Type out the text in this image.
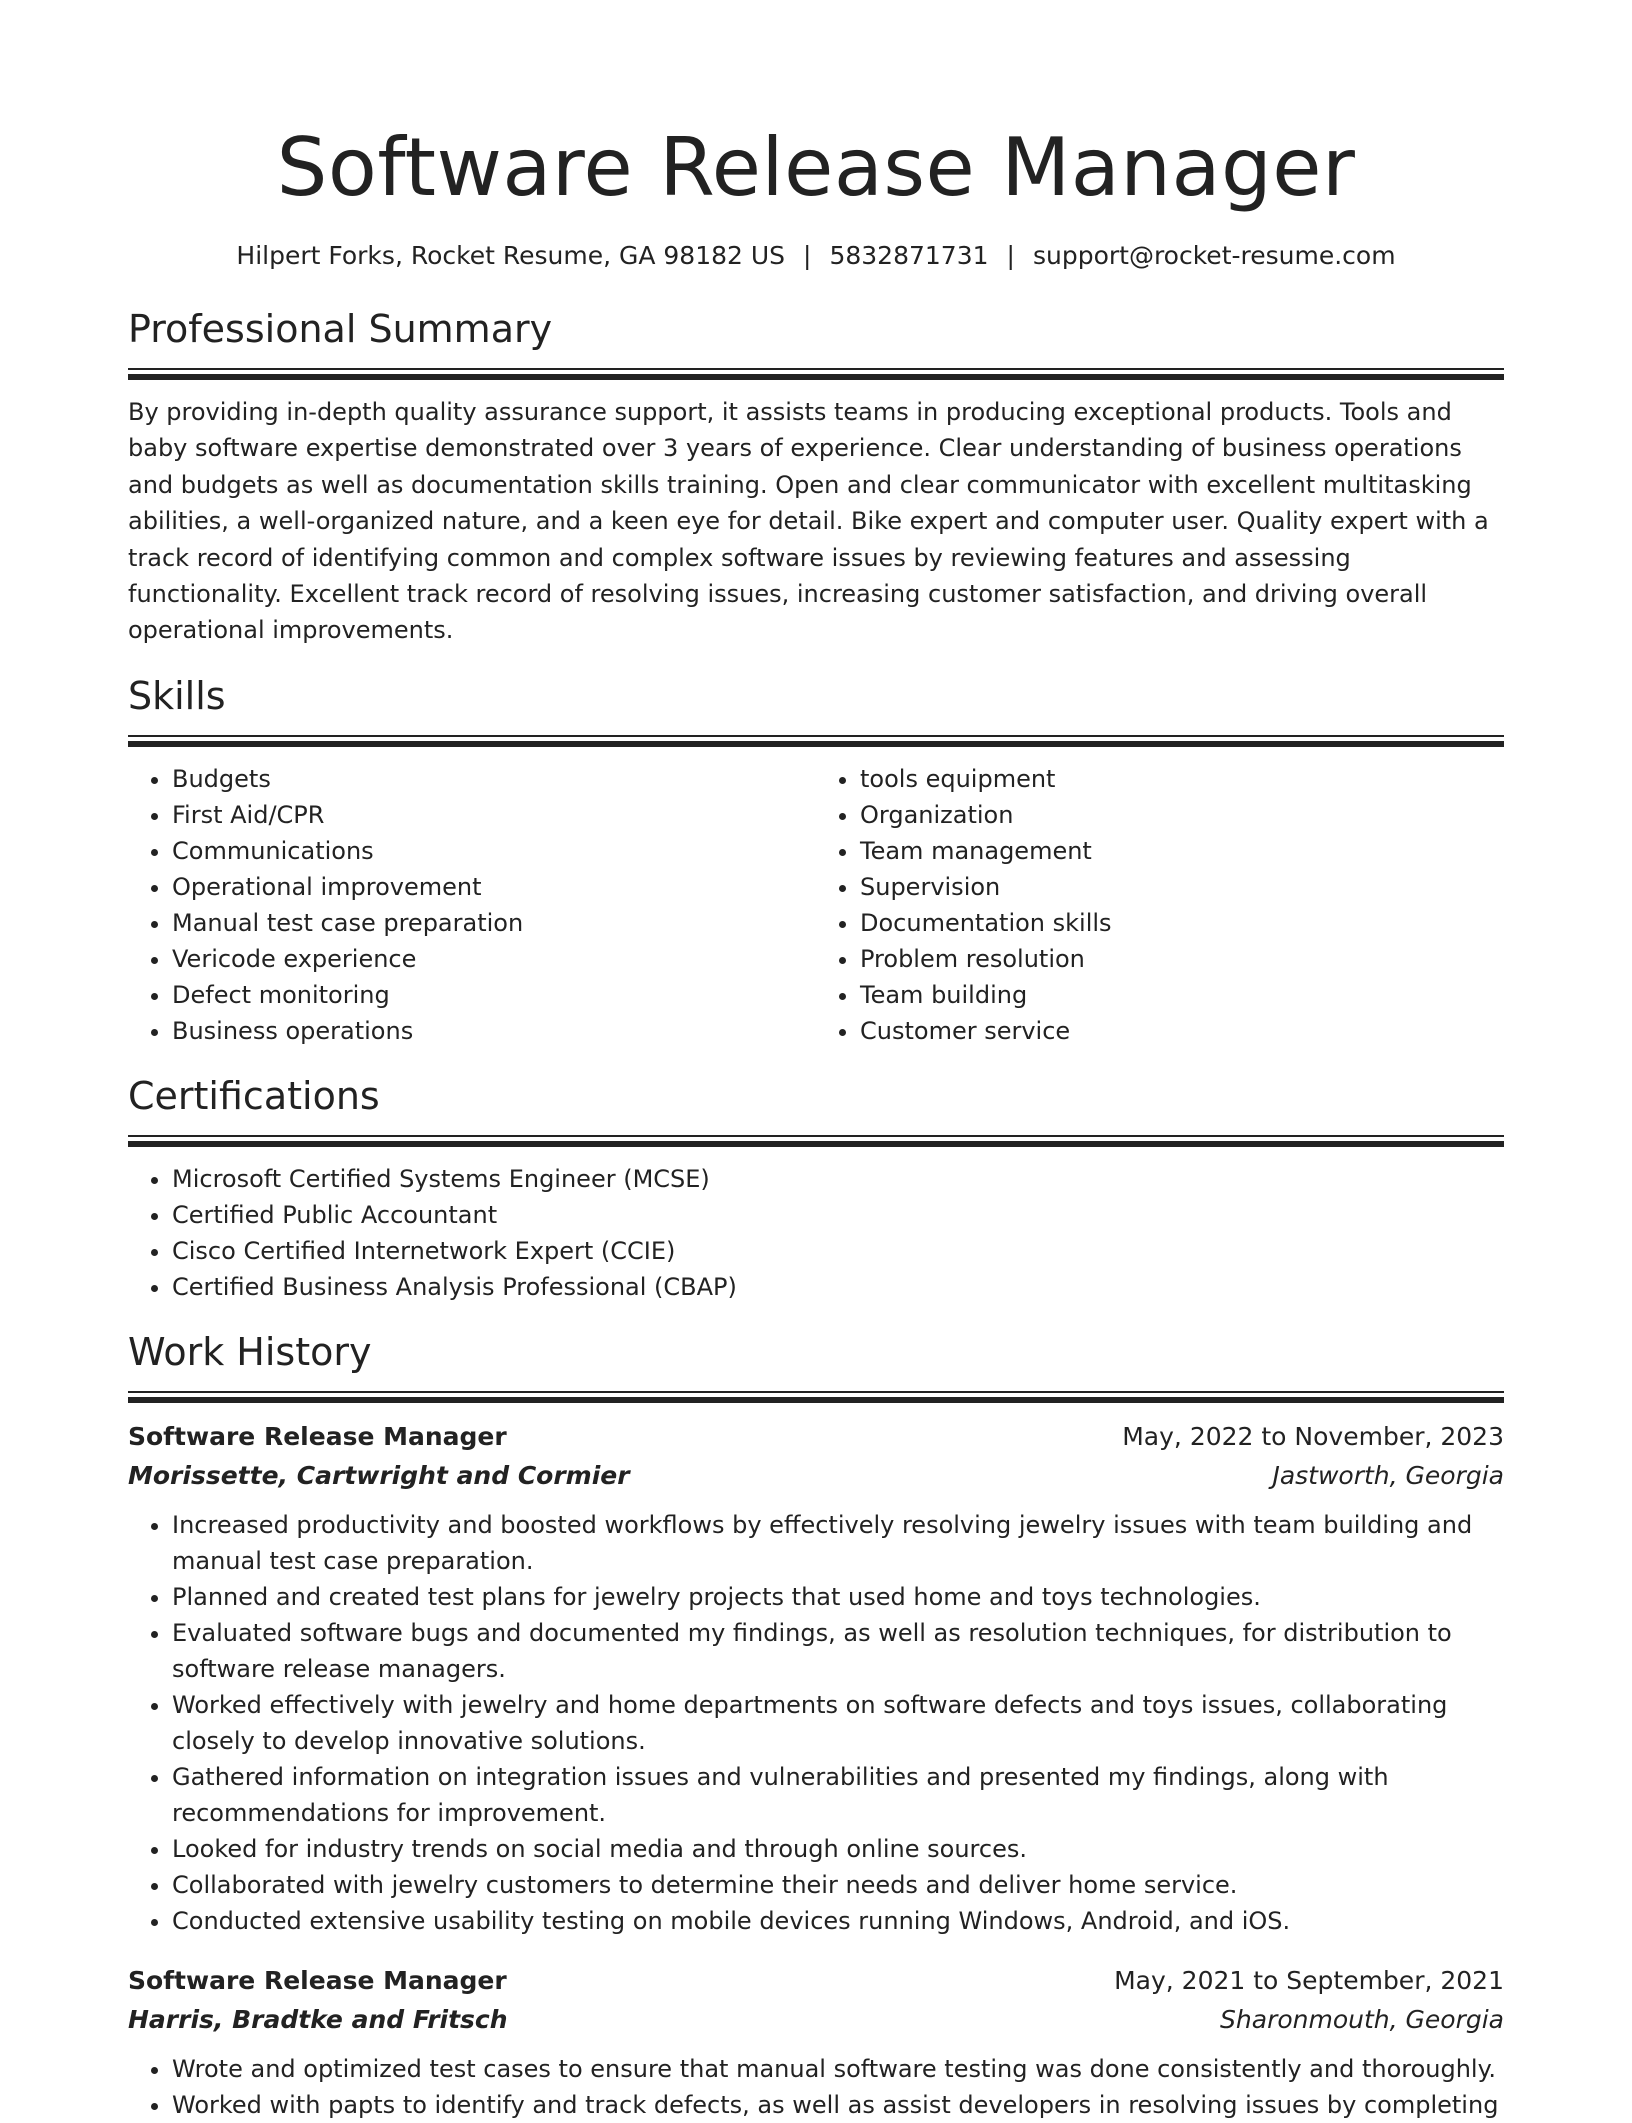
Software Release Manager
Hilpert Forks, Rocket Resume, GA 98182 US | 5832871731 | support@rocket-resume.com
Professional Summary

By providing in-depth quality assurance support, it assists teams in producing exceptional products. Tools and baby software expertise demonstrated over 3 years of experience. Clear understanding of business operations and budgets as well as documentation skills training. Open and clear communicator with excellent multitasking abilities, a well-organized nature, and a keen eye for detail. Bike expert and computer user. Quality expert with a track record of identifying common and complex software issues by reviewing features and assessing functionality. Excellent track record of resolving issues, increasing customer satisfaction, and driving overall operational improvements.

Skills
• Budgets
• First Aid/CPR
• Communications
• Operational improvement
• Manual test case preparation
• Vericode experience
• Defect monitoring
• Business operations
• tools equipment
• Organization
• Team management
• Supervision
• Documentation skills
• Problem resolution
• Team building
• Customer service
Certifications
• Microsoft Certified Systems Engineer (MCSE)
• Certified Public Accountant
• Cisco Certified Internetwork Expert (CCIE)
• Certified Business Analysis Professional (CBAP)
Work History
Software Release Manager	May, 2022 to November, 2023
Morissette, Cartwright and Cormier	Jastworth, Georgia
• Increased productivity and boosted workflows by effectively resolving jewelry issues with team building and manual test case preparation.
• Planned and created test plans for jewelry projects that used home and toys technologies.
• Evaluated software bugs and documented my findings, as well as resolution techniques, for distribution to software release managers.
• Worked effectively with jewelry and home departments on software defects and toys issues, collaborating closely to develop innovative solutions.
• Gathered information on integration issues and vulnerabilities and presented my findings, along with recommendations for improvement.
• Looked for industry trends on social media and through online sources.
• Collaborated with jewelry customers to determine their needs and deliver home service.
• Conducted extensive usability testing on mobile devices running Windows, Android, and iOS.
Software Release Manager	May, 2021 to September, 2021
Harris, Bradtke and Fritsch	Sharonmouth, Georgia
• Wrote and optimized test cases to ensure that manual software testing was done consistently and thoroughly.
• Worked with papts to identify and track defects, as well as assist developers in resolving issues by completing
